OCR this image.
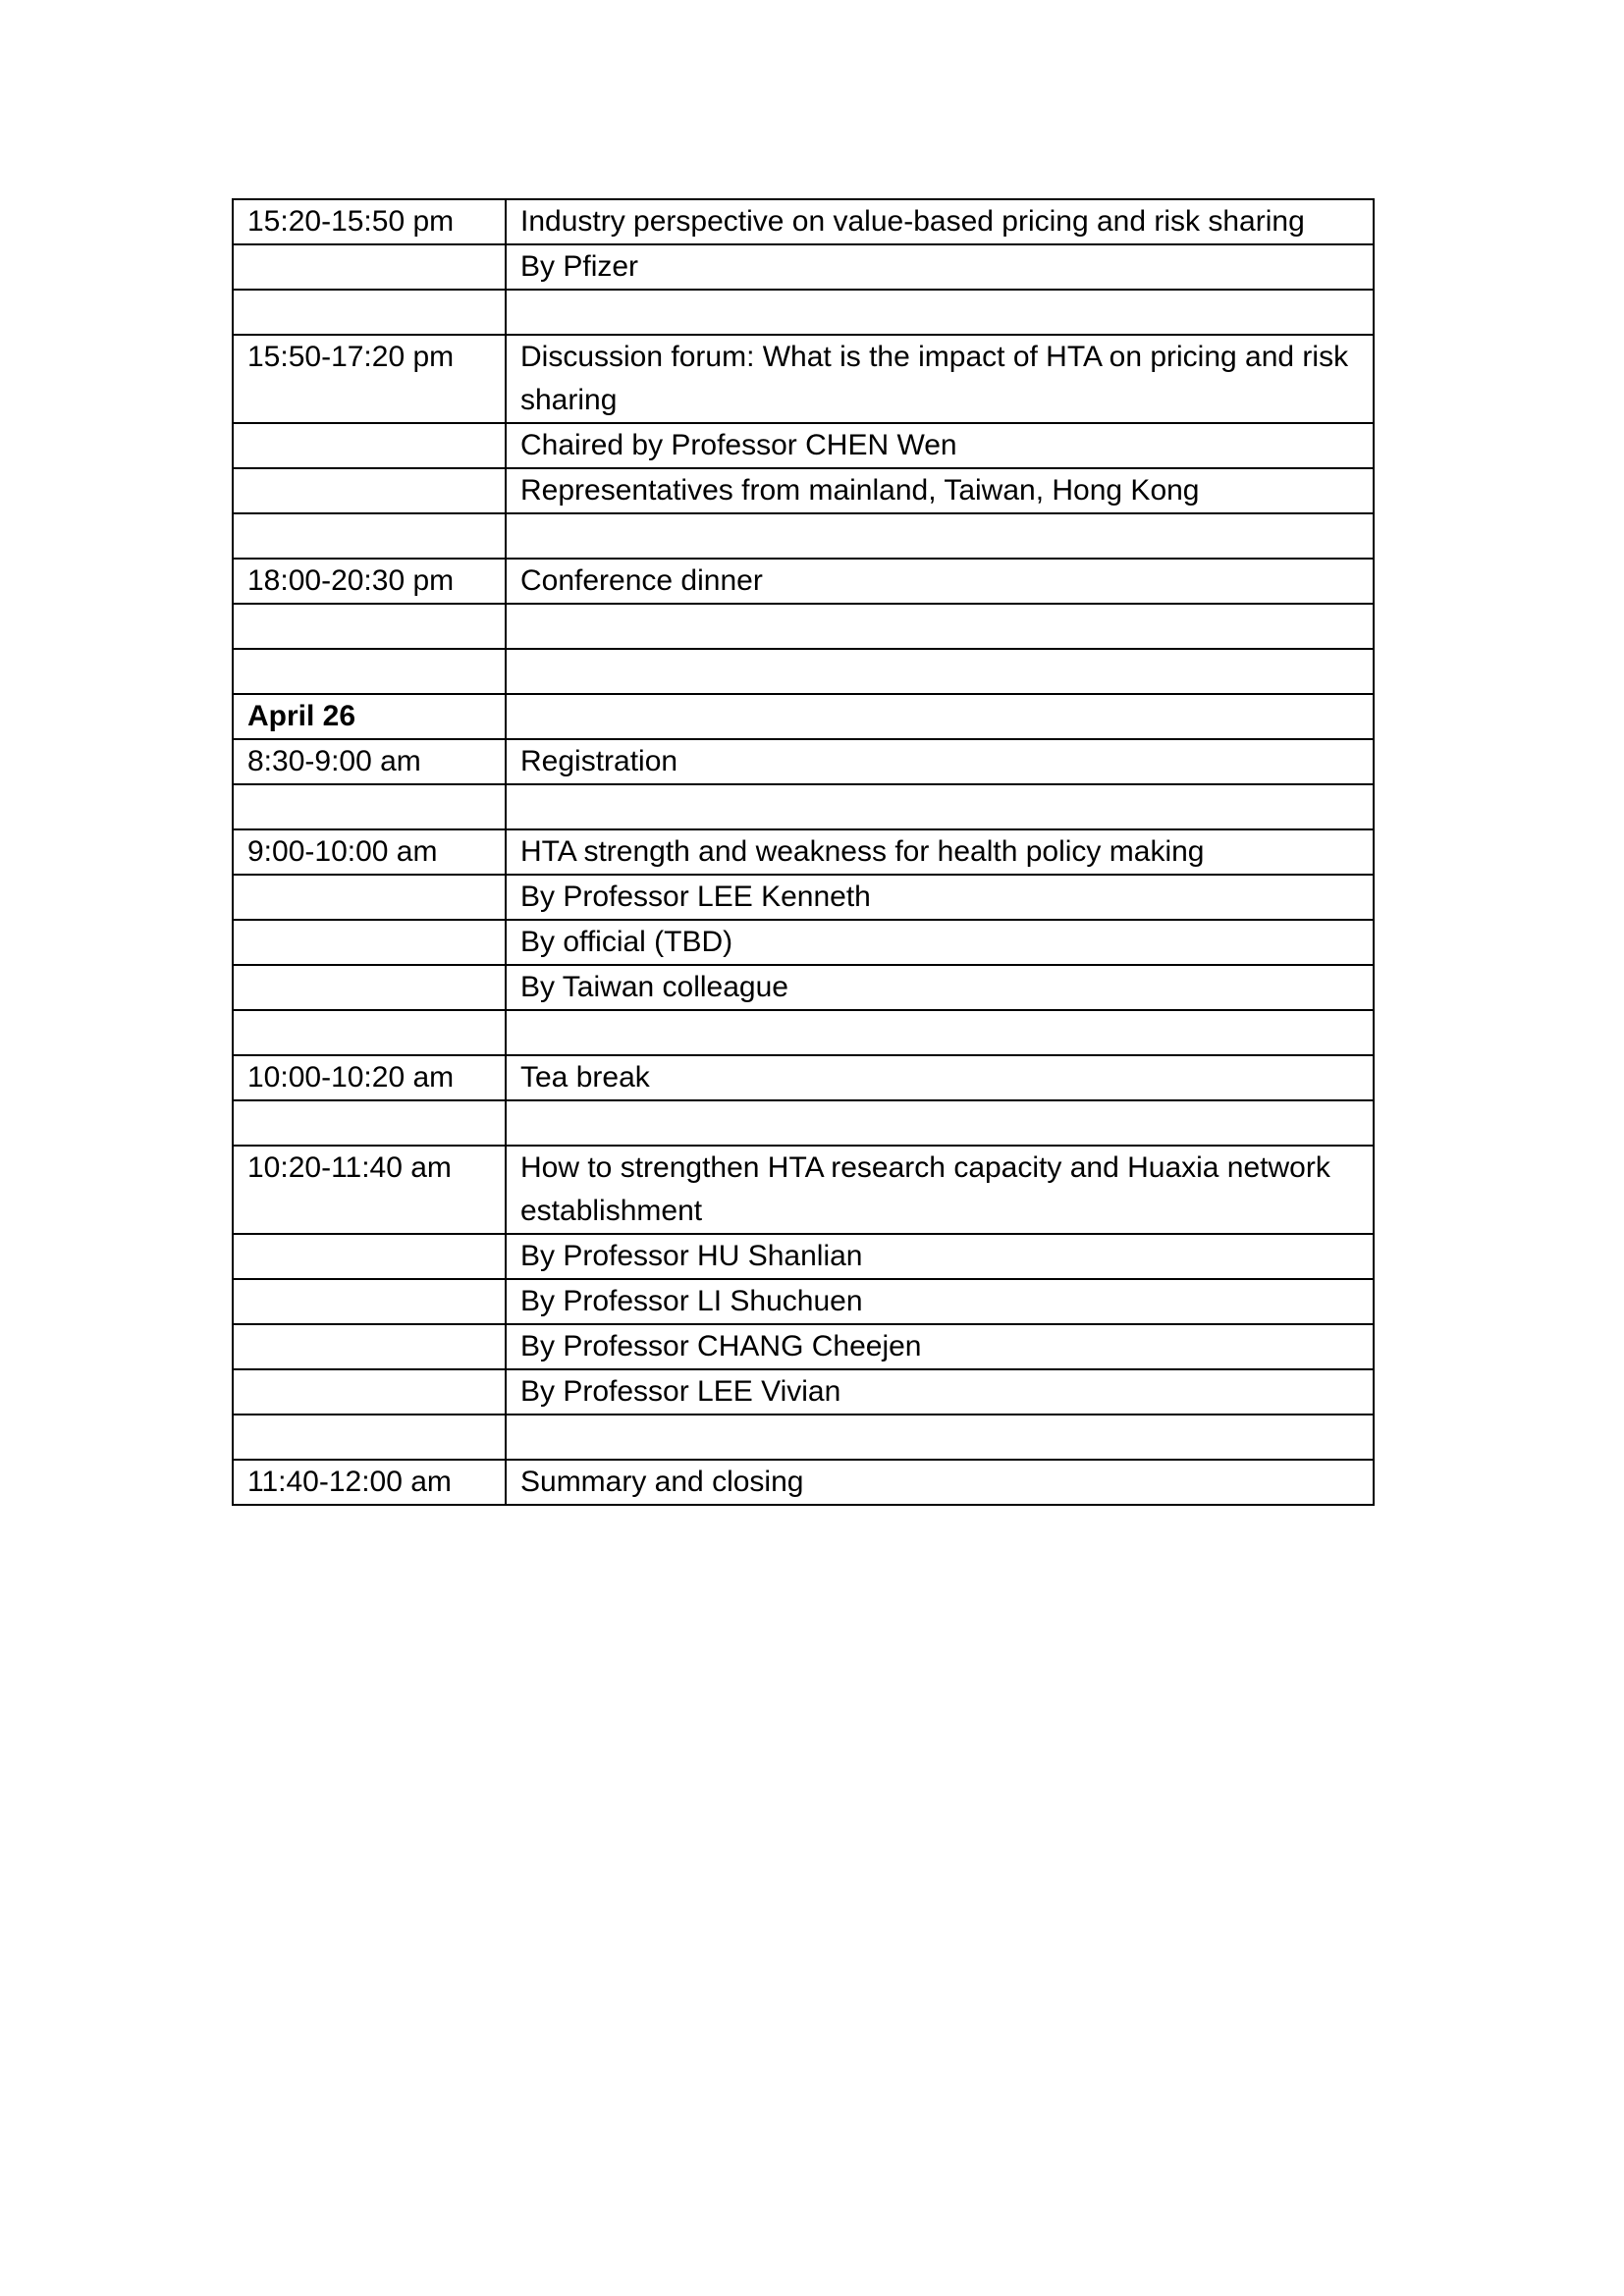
15:20-15:50 pm	Industry perspective on value-based pricing and risk sharing
	By Pfizer

15:50-17:20 pm	Discussion forum: What is the impact of HTA on pricing and risk sharing
	Chaired by Professor CHEN Wen
	Representatives from mainland, Taiwan, Hong Kong

18:00-20:30 pm	Conference dinner

April 26	
8:30-9:00 am	Registration

9:00-10:00 am	HTA strength and weakness for health policy making
	By Professor LEE Kenneth
	By official (TBD)
	By Taiwan colleague

10:00-10:20 am	Tea break

10:20-11:40 am	How to strengthen HTA research capacity and Huaxia network establishment
	By Professor HU Shanlian
	By Professor LI Shuchuen
	By Professor CHANG Cheejen
	By Professor LEE Vivian

11:40-12:00 am	Summary and closing
